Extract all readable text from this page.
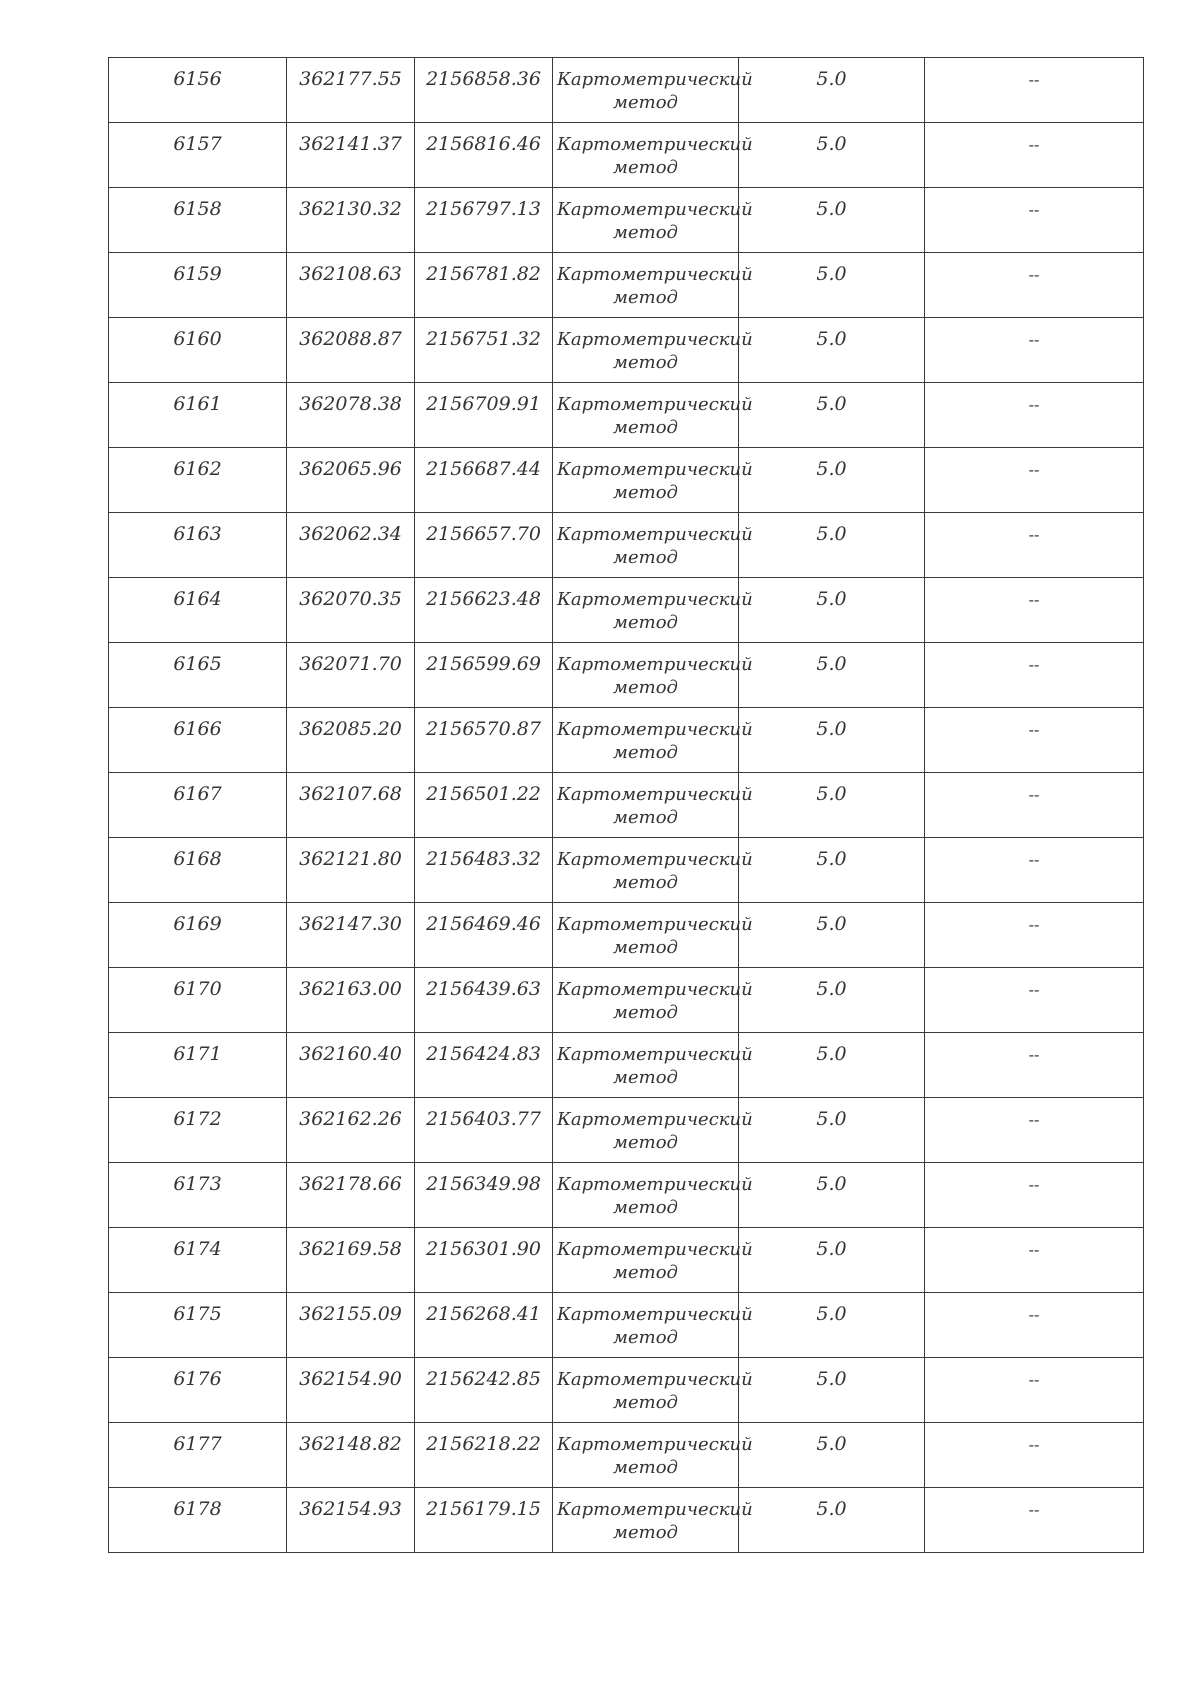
6156	362177.55	2156858.36	Картометрический метод	5.0	--
6157	362141.37	2156816.46	Картометрический метод	5.0	--
6158	362130.32	2156797.13	Картометрический метод	5.0	--
6159	362108.63	2156781.82	Картометрический метод	5.0	--
6160	362088.87	2156751.32	Картометрический метод	5.0	--
6161	362078.38	2156709.91	Картометрический метод	5.0	--
6162	362065.96	2156687.44	Картометрический метод	5.0	--
6163	362062.34	2156657.70	Картометрический метод	5.0	--
6164	362070.35	2156623.48	Картометрический метод	5.0	--
6165	362071.70	2156599.69	Картометрический метод	5.0	--
6166	362085.20	2156570.87	Картометрический метод	5.0	--
6167	362107.68	2156501.22	Картометрический метод	5.0	--
6168	362121.80	2156483.32	Картометрический метод	5.0	--
6169	362147.30	2156469.46	Картометрический метод	5.0	--
6170	362163.00	2156439.63	Картометрический метод	5.0	--
6171	362160.40	2156424.83	Картометрический метод	5.0	--
6172	362162.26	2156403.77	Картометрический метод	5.0	--
6173	362178.66	2156349.98	Картометрический метод	5.0	--
6174	362169.58	2156301.90	Картометрический метод	5.0	--
6175	362155.09	2156268.41	Картометрический метод	5.0	--
6176	362154.90	2156242.85	Картометрический метод	5.0	--
6177	362148.82	2156218.22	Картометрический метод	5.0	--
6178	362154.93	2156179.15	Картометрический метод	5.0	--
